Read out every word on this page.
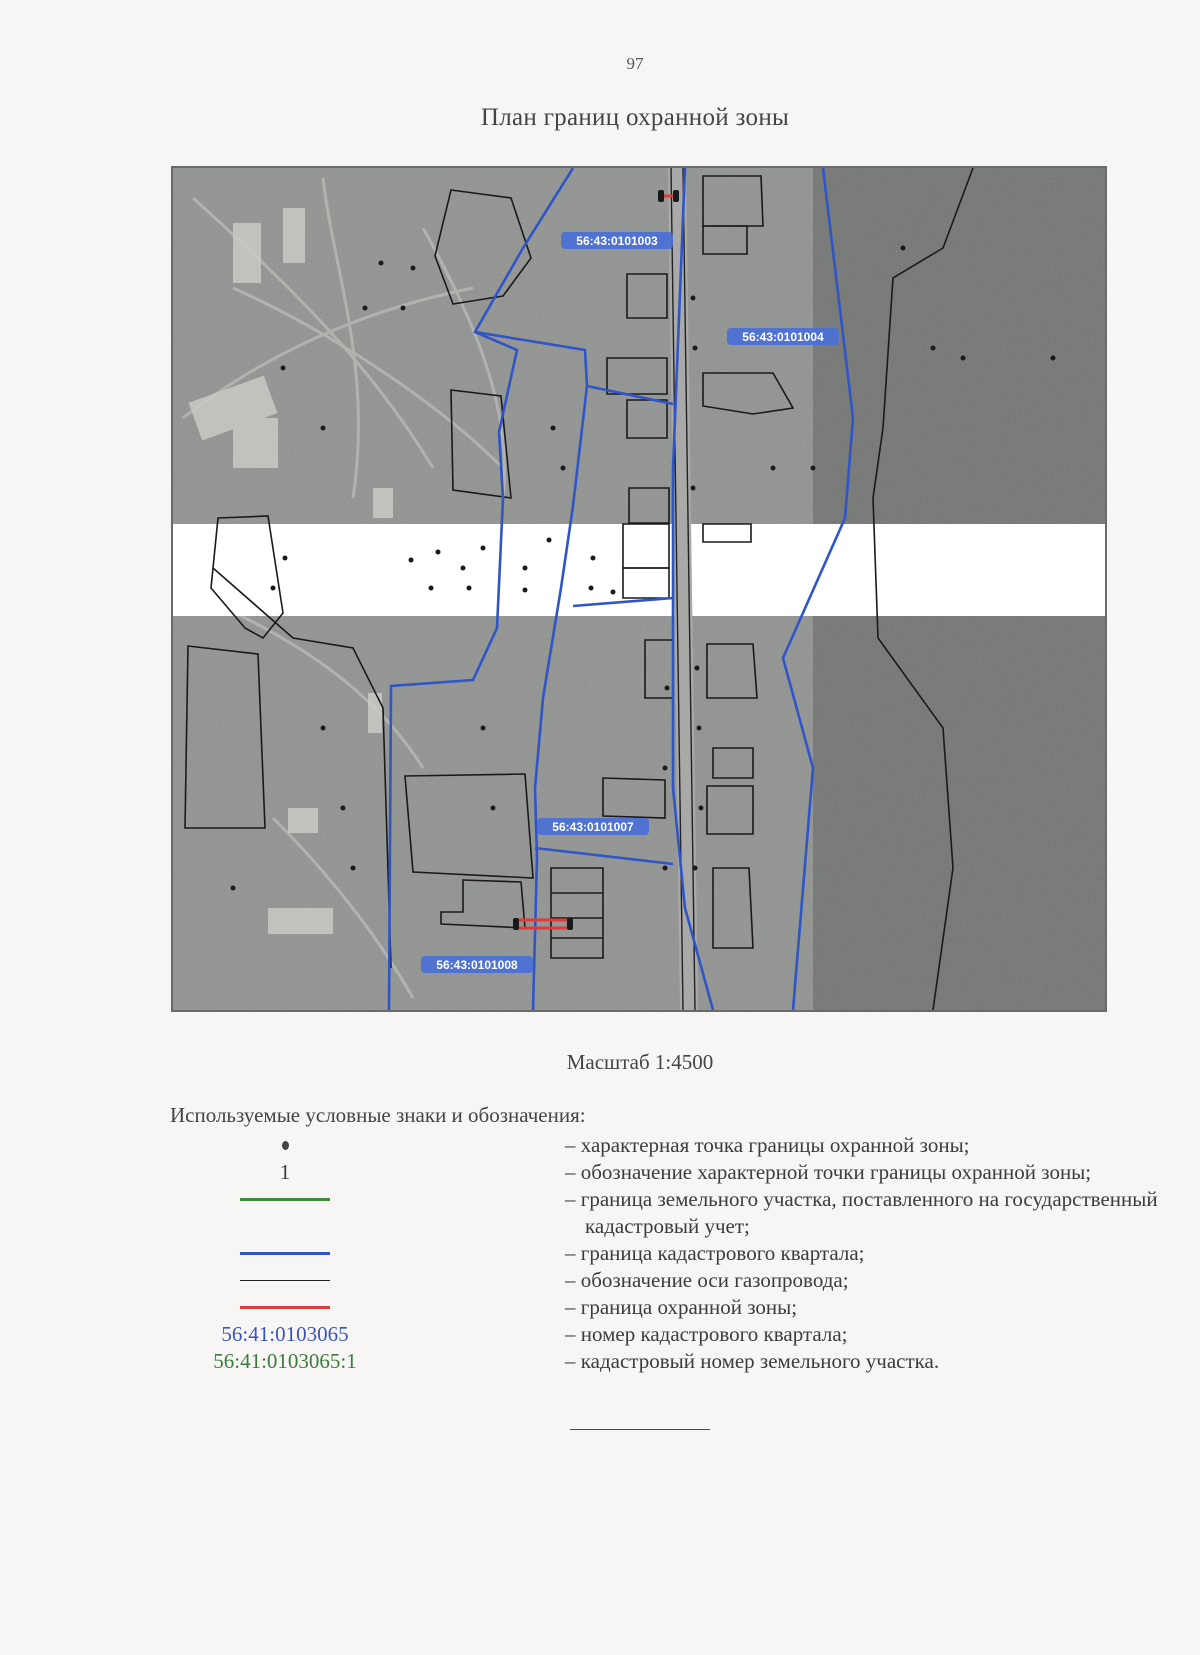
97
План границ охранной зоны
56:43:0101003
56:43:0101004
56:43:0101007
56:43:0101008
Масштаб 1:4500
Используемые условные знаки и обозначения:
– характерная точка границы охранной зоны;
1	– обозначение характерной точки границы охранной зоны;
– граница земельного участка, поставленного на государственный
кадастровый учет;
– граница кадастрового квартала;
– обозначение оси газопровода;
– граница охранной зоны;
56:41:0103065	– номер кадастрового квартала;
56:41:0103065:1	– кадастровый номер земельного участка.
